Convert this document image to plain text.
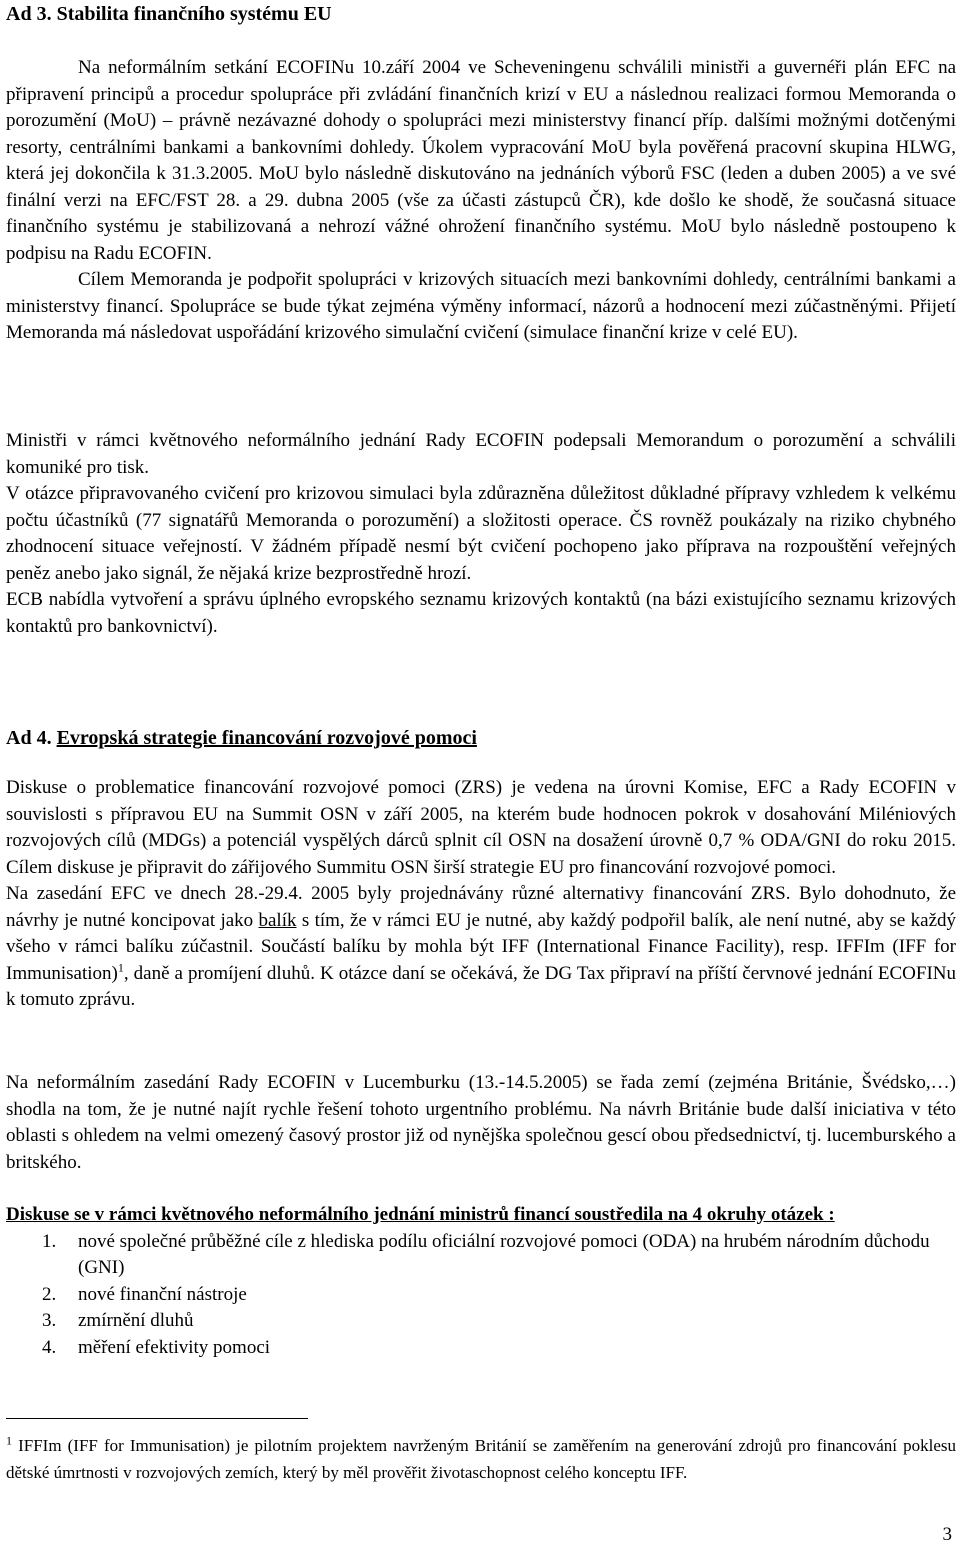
Ad 3. Stabilita finančního systému EU

Na neformálním setkání ECOFINu 10.září 2004 ve Scheveningenu schválili ministři a guvernéři plán EFC na připravení principů a procedur spolupráce při zvládání finančních krizí v EU a následnou realizaci formou Memoranda o porozumění (MoU) – právně nezávazné dohody o spolupráci mezi ministerstvy financí příp. dalšími možnými dotčenými resorty, centrálními bankami a bankovními dohledy. Úkolem vypracování MoU byla pověřená pracovní skupina HLWG, která jej dokončila k 31.3.2005. MoU bylo následně diskutováno na jednáních výborů FSC (leden a duben 2005) a ve své finální verzi na EFC/FST 28. a 29. dubna 2005 (vše za účasti zástupců ČR), kde došlo ke shodě, že současná situace finančního systému je stabilizovaná a nehrozí vážné ohrožení finančního systému. MoU bylo následně postoupeno k podpisu na Radu ECOFIN.

Cílem Memoranda je podpořit spolupráci v krizových situacích mezi bankovními dohledy, centrálními bankami a ministerstvy financí. Spolupráce se bude týkat zejména výměny informací, názorů a hodnocení mezi zúčastněnými. Přijetí Memoranda má následovat uspořádání krizového simulační cvičení (simulace finanční krize v celé EU).

Ministři v rámci květnového neformálního jednání Rady ECOFIN podepsali Memorandum o porozumění a schválili komuniké pro tisk.

V otázce připravovaného cvičení pro krizovou simulaci byla zdůrazněna důležitost důkladné přípravy vzhledem k velkému počtu účastníků (77 signatářů Memoranda o porozumění) a složitosti operace. ČS rovněž poukázaly na riziko chybného zhodnocení situace veřejností. V žádném případě nesmí být cvičení pochopeno jako příprava na rozpouštění veřejných peněz anebo jako signál, že nějaká krize bezprostředně hrozí.

ECB nabídla vytvoření a správu úplného evropského seznamu krizových kontaktů (na bázi existujícího seznamu krizových kontaktů pro bankovnictví).

Ad 4. Evropská strategie financování rozvojové pomoci

Diskuse o problematice financování rozvojové pomoci (ZRS) je vedena na úrovni Komise, EFC a Rady ECOFIN v souvislosti s přípravou EU na Summit OSN v září 2005, na kterém bude hodnocen pokrok v dosahování Miléniových rozvojových cílů (MDGs) a potenciál vyspělých dárců splnit cíl OSN na dosažení úrovně 0,7 % ODA/GNI do roku 2015. Cílem diskuse je připravit do zářijového Summitu OSN širší strategie EU pro financování rozvojové pomoci.

Na zasedání EFC ve dnech 28.-29.4. 2005 byly projednávány různé alternativy financování ZRS. Bylo dohodnuto, že návrhy je nutné koncipovat jako balík s tím, že v rámci EU je nutné, aby každý podpořil balík, ale není nutné, aby se každý všeho v rámci balíku zúčastnil. Součástí balíku by mohla být IFF (International Finance Facility), resp. IFFIm (IFF for Immunisation)$^1$, daně a promíjení dluhů. K otázce daní se očekává, že DG Tax připraví na příští červnové jednání ECOFINu k tomuto zprávu.

Na neformálním zasedání Rady ECOFIN v Lucemburku (13.-14.5.2005) se řada zemí (zejména Británie, Švédsko,…) shodla na tom, že je nutné najít rychle řešení tohoto urgentního problému. Na návrh Británie bude další iniciativa v této oblasti s ohledem na velmi omezený časový prostor již od nynějška společnou gescí obou předsednictví, tj. lucemburského a britského.

Diskuse se v rámci květnového neformálního jednání ministrů financí soustředila na 4 okruhy otázek :

1. nové společné průběžné cíle z hlediska podílu oficiální rozvojové pomoci (ODA) na hrubém národním důchodu (GNI)
2. nové finanční nástroje
3. zmírnění dluhů
4. měření efektivity pomoci

$^1$ IFFIm (IFF for Immunisation) je pilotním projektem navrženým Británií se zaměřením na generování zdrojů pro financování poklesu dětské úmrtnosti v rozvojových zemích, který by měl prověřit životaschopnost celého konceptu IFF.

3
